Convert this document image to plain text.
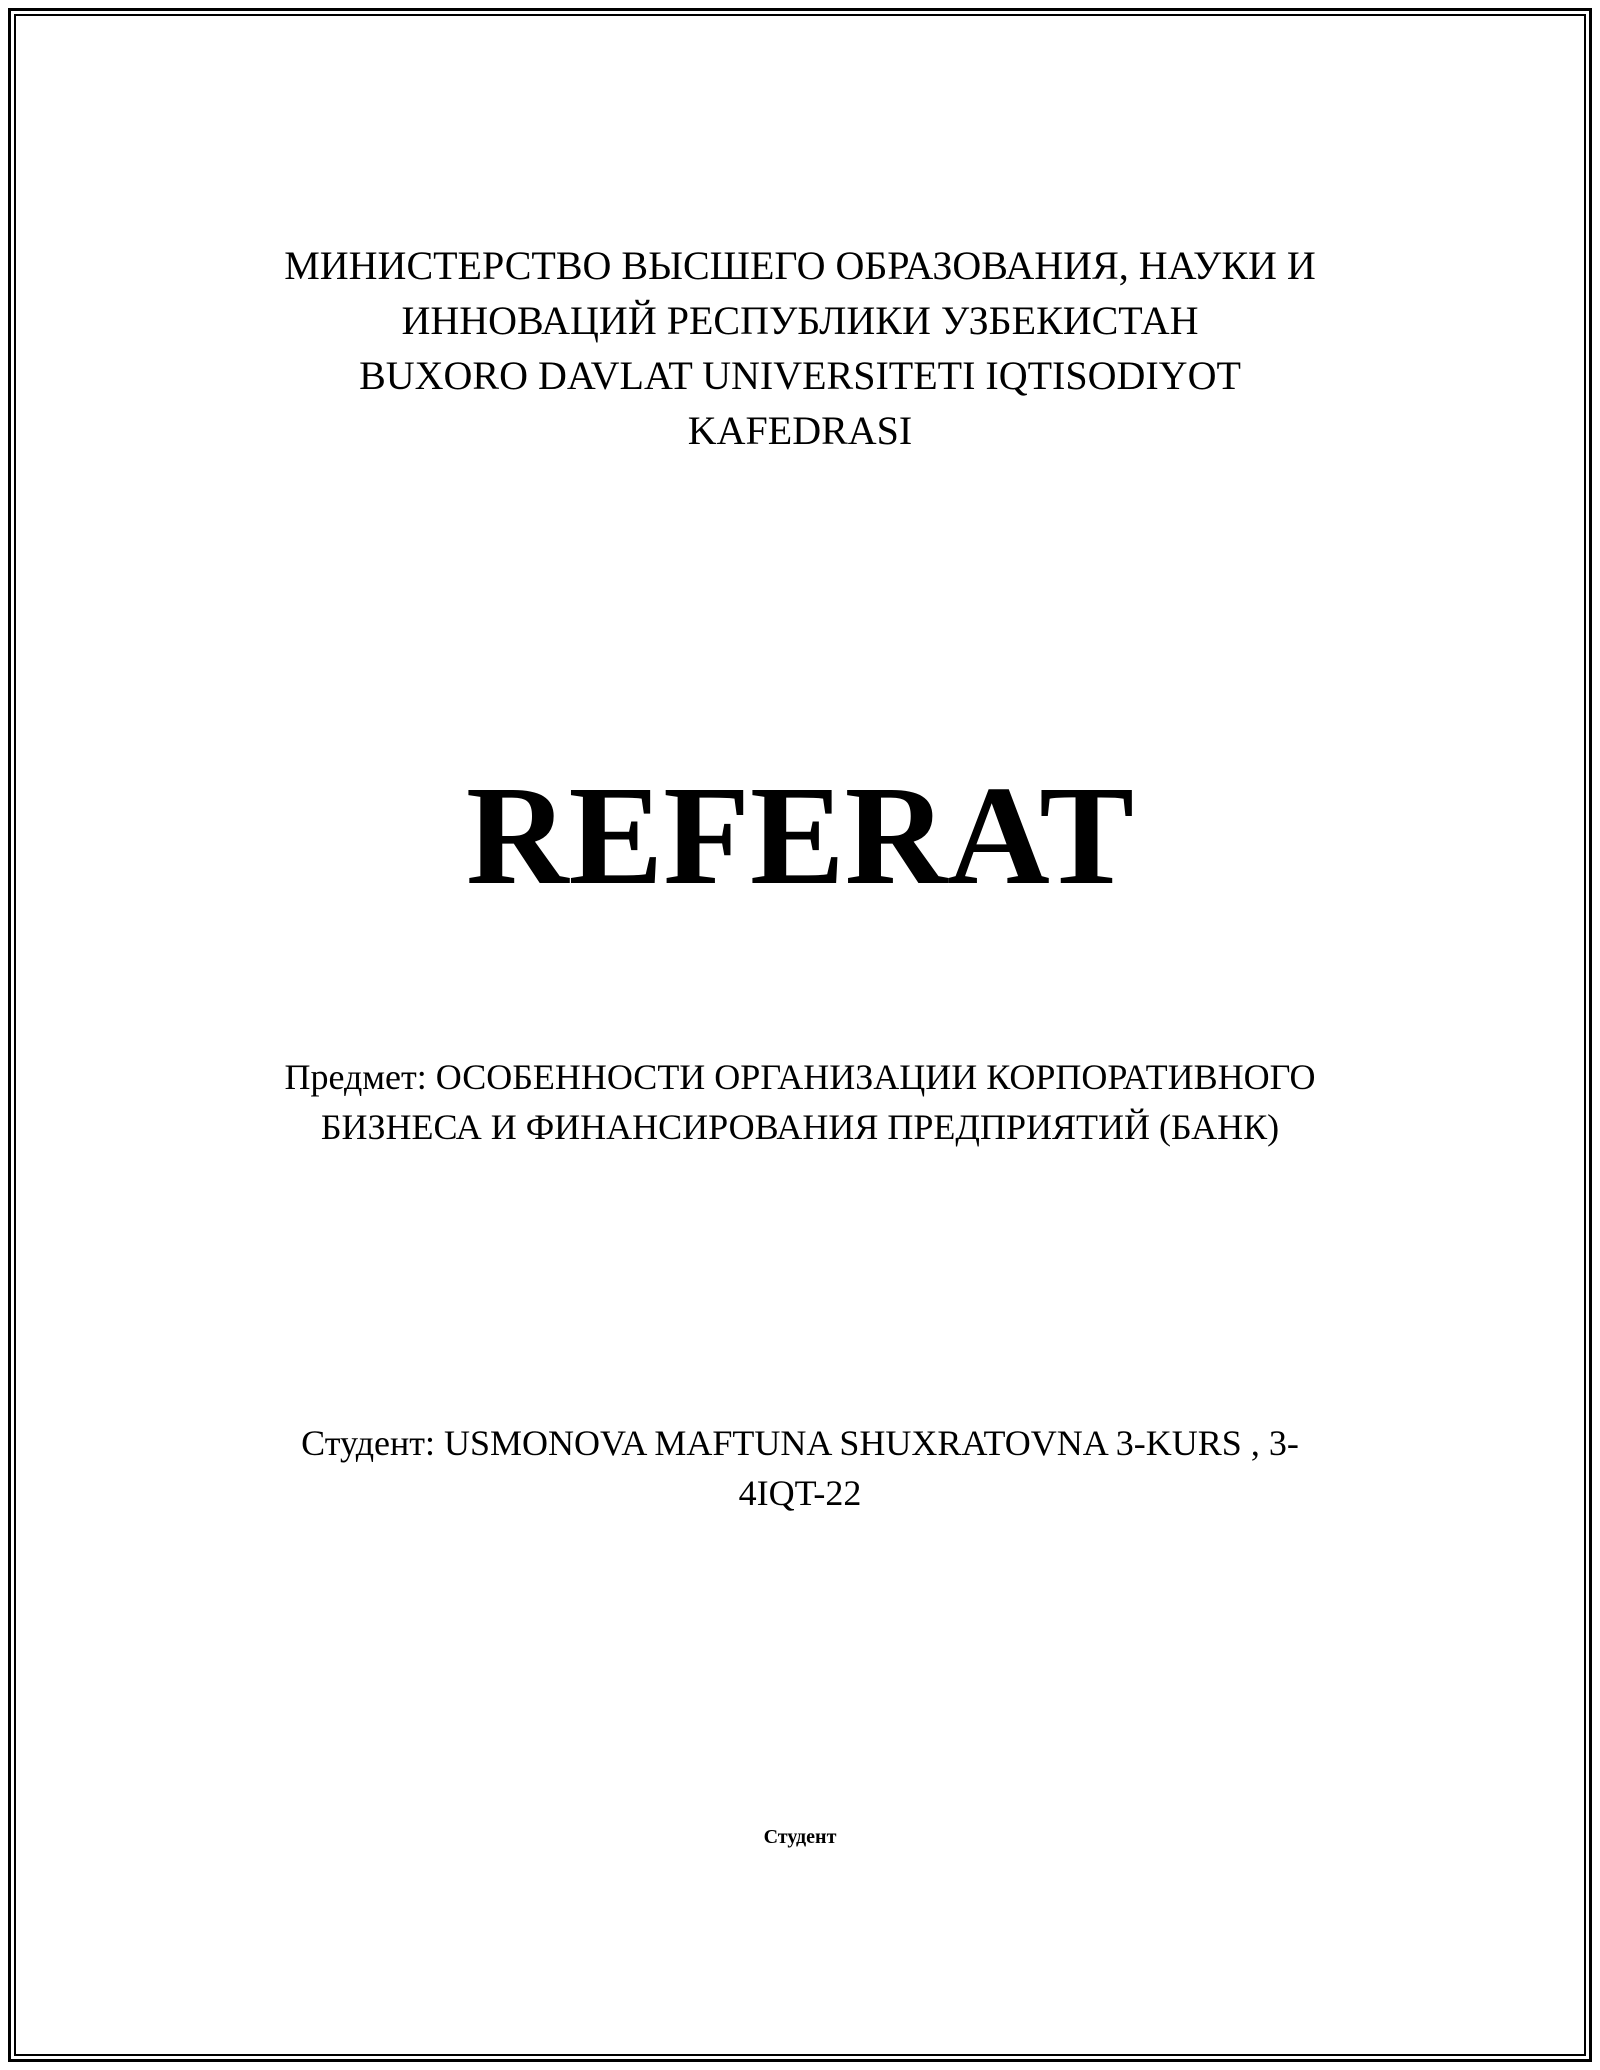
МИНИСТЕРСТВО ВЫСШЕГО ОБРАЗОВАНИЯ, НАУКИ И
ИННОВАЦИЙ РЕСПУБЛИКИ УЗБЕКИСТАН
BUXORO DAVLAT UNIVERSITETI IQTISODIYOT
KAFEDRASI
REFERAT
Предмет: ОСОБЕННОСТИ ОРГАНИЗАЦИИ КОРПОРАТИВНОГО
БИЗНЕСА И ФИНАНСИРОВАНИЯ ПРЕДПРИЯТИЙ (БАНК)
Студент: USMONOVA MAFTUNA SHUXRATOVNA 3-KURS , 3-
4IQT-22
Студент
